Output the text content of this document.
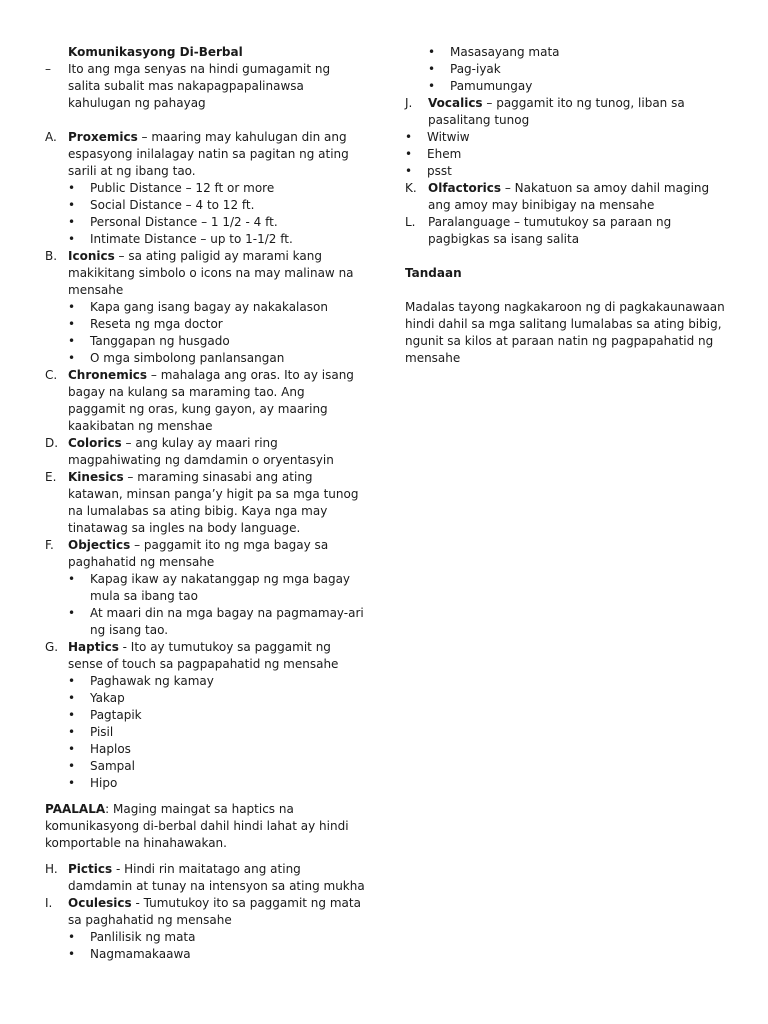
Komunikasyong Di-Berbal
– Ito ang mga senyas na hindi gumagamit ng salita subalit mas nakapagpapalinawsa kahulugan ng pahayag
A. Proxemics – maaring may kahulugan din ang espasyong inilalagay natin sa pagitan ng ating sarili at ng ibang tao.
• Public Distance – 12 ft or more
• Social Distance – 4 to 12 ft.
• Personal Distance – 1 1/2 - 4 ft.
• Intimate Distance – up to 1-1/2 ft.
B. Iconics – sa ating paligid ay marami kang makikitang simbolo o icons na may malinaw na mensahe
• Kapa gang isang bagay ay nakakalason
• Reseta ng mga doctor
• Tanggapan ng husgado
• O mga simbolong panlansangan
C. Chronemics – mahalaga ang oras. Ito ay isang bagay na kulang sa maraming tao. Ang paggamit ng oras, kung gayon, ay maaring kaakibatan ng menshae
D. Colorics – ang kulay ay maari ring magpahiwating ng damdamin o oryentasyin
E. Kinesics – maraming sinasabi ang ating katawan, minsan panga’y higit pa sa mga tunog na lumalabas sa ating bibig. Kaya nga may tinatawag sa ingles na body language.
F. Objectics – paggamit ito ng mga bagay sa paghahatid ng mensahe
• Kapag ikaw ay nakatanggap ng mga bagay mula sa ibang tao
• At maari din na mga bagay na pagmamay-ari ng isang tao.
G. Haptics - Ito ay tumutukoy sa paggamit ng sense of touch sa pagpapahatid ng mensahe
• Paghawak ng kamay
• Yakap
• Pagtapik
• Pisil
• Haplos
• Sampal
• Hipo

PAALALA: Maging maingat sa haptics na komunikasyong di-berbal dahil hindi lahat ay hindi komportable na hinahawakan.

H. Pictics - Hindi rin maitatago ang ating damdamin at tunay na intensyon sa ating mukha
I. Oculesics - Tumutukoy ito sa paggamit ng mata sa paghahatid ng mensahe
• Panlilisik ng mata
• Nagmamakaawa
• Masasayang mata
• Pag-iyak
• Pamumungay
J. Vocalics – paggamit ito ng tunog, liban sa pasalitang tunog
• Witwiw
• Ehem
• psst
K. Olfactorics – Nakatuon sa amoy dahil maging ang amoy may binibigay na mensahe
L. Paralanguage – tumutukoy sa paraan ng pagbigkas sa isang salita
Tandaan

Madalas tayong nagkakaroon ng di pagkakaunawaan hindi dahil sa mga salitang lumalabas sa ating bibig, ngunit sa kilos at paraan natin ng pagpapahatid ng mensahe
